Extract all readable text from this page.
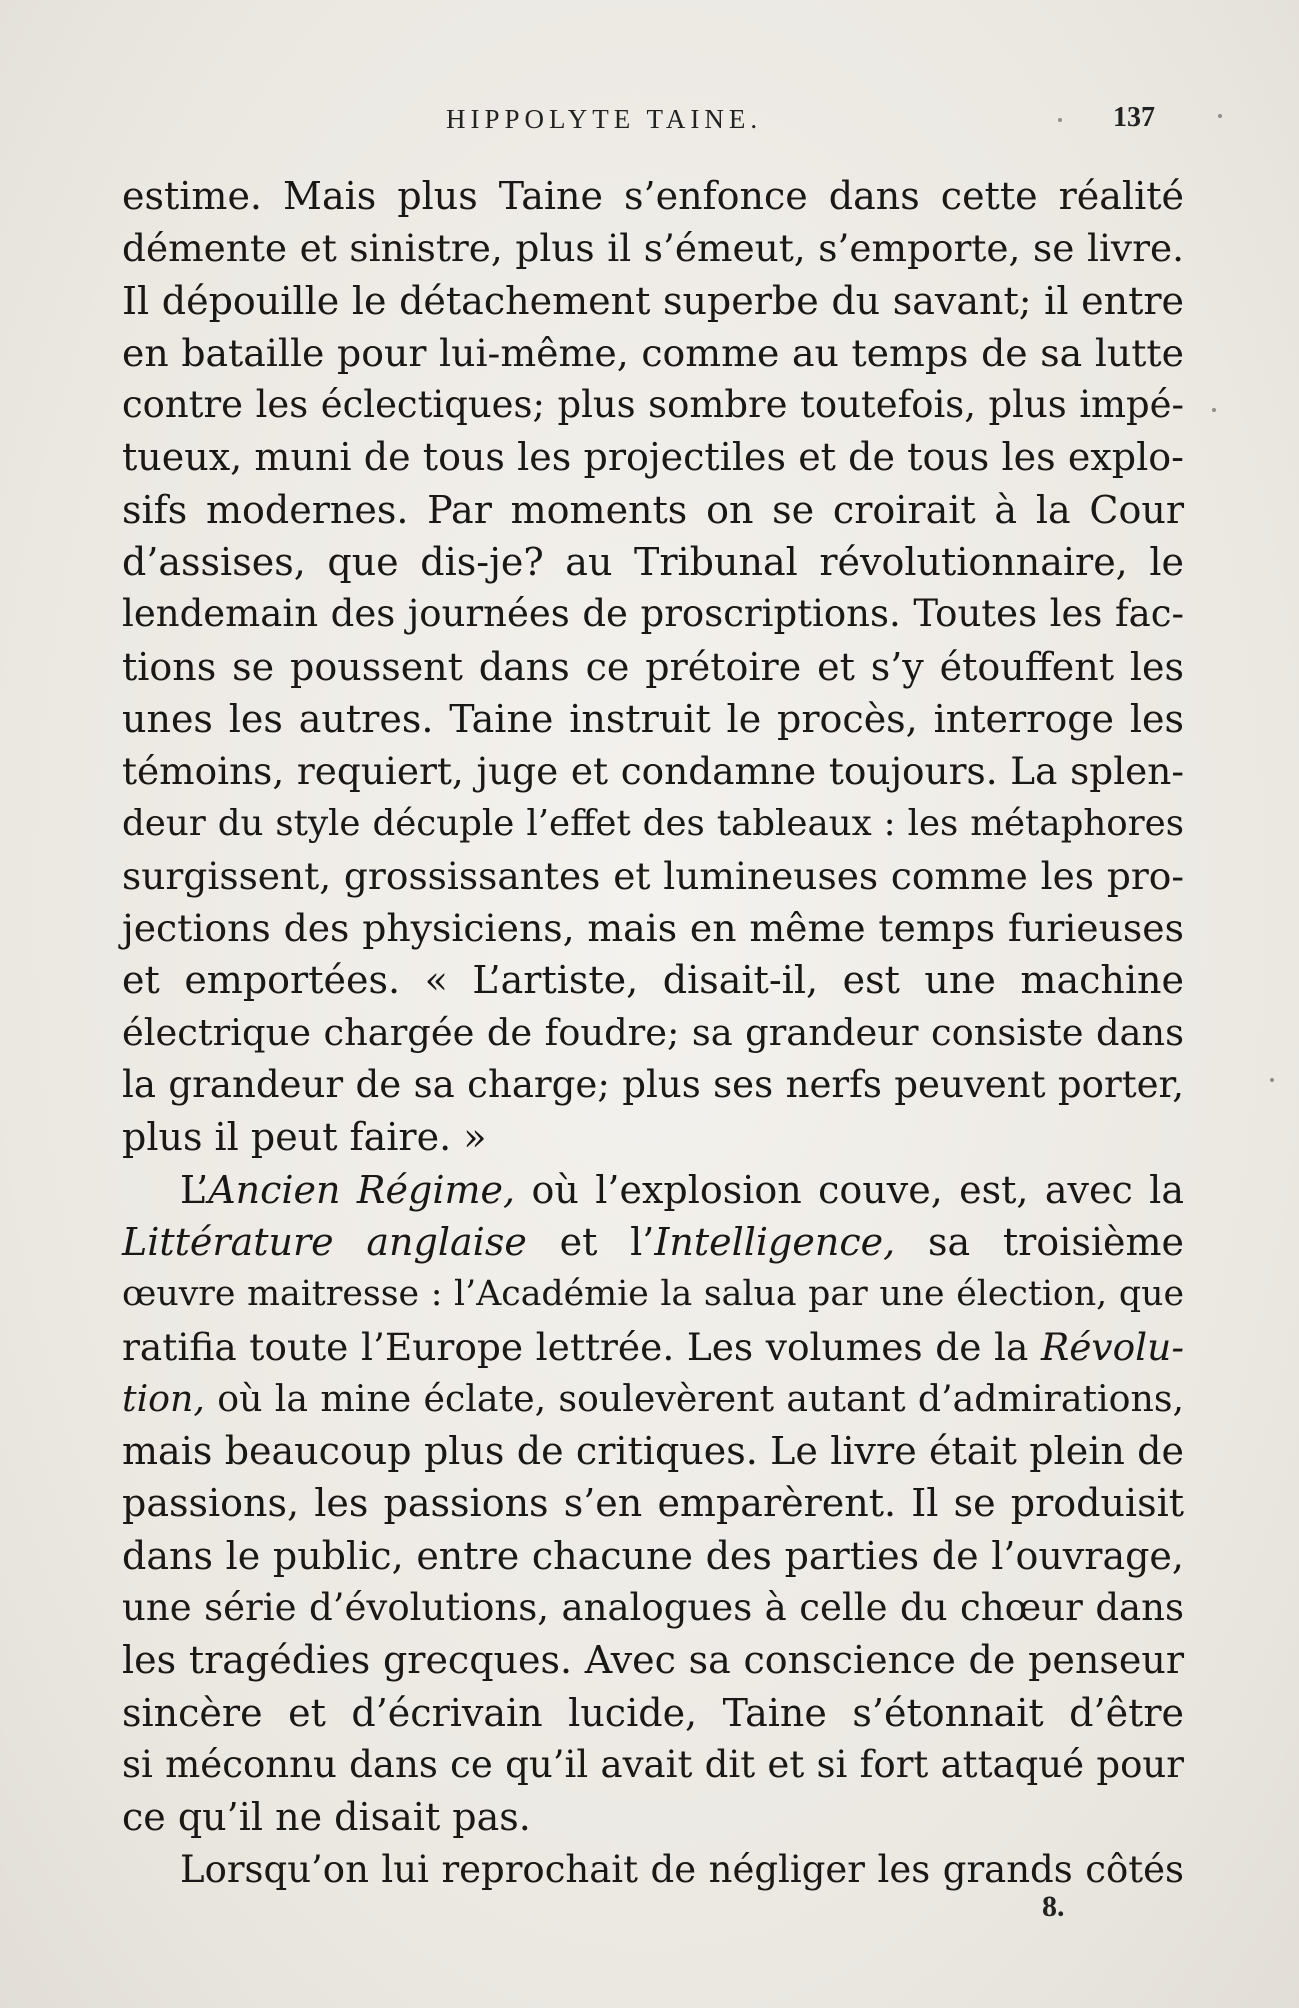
HIPPOLYTE TAINE.	137
estime. Mais plus Taine s’enfonce dans cette réalité
démente et sinistre, plus il s’émeut, s’emporte, se livre.
Il dépouille le détachement superbe du savant; il entre
en bataille pour lui-même, comme au temps de sa lutte
contre les éclectiques; plus sombre toutefois, plus impé-
tueux, muni de tous les projectiles et de tous les explo-
sifs modernes. Par moments on se croirait à la Cour
d’assises, que dis-je? au Tribunal révolutionnaire, le
lendemain des journées de proscriptions. Toutes les fac-
tions se poussent dans ce prétoire et s’y étouffent les
unes les autres. Taine instruit le procès, interroge les
témoins, requiert, juge et condamne toujours. La splen-
deur du style décuple l’effet des tableaux : les métaphores
surgissent, grossissantes et lumineuses comme les pro-
jections des physiciens, mais en même temps furieuses
et emportées. « L’artiste, disait-il, est une machine
électrique chargée de foudre; sa grandeur consiste dans
la grandeur de sa charge; plus ses nerfs peuvent porter,
plus il peut faire. »
L’Ancien Régime, où l’explosion couve, est, avec la
Littérature anglaise et l’Intelligence, sa troisième
œuvre maitresse : l’Académie la salua par une élection, que
ratifia toute l’Europe lettrée. Les volumes de la Révolu-
tion, où la mine éclate, soulevèrent autant d’admirations,
mais beaucoup plus de critiques. Le livre était plein de
passions, les passions s’en emparèrent. Il se produisit
dans le public, entre chacune des parties de l’ouvrage,
une série d’évolutions, analogues à celle du chœur dans
les tragédies grecques. Avec sa conscience de penseur
sincère et d’écrivain lucide, Taine s’étonnait d’être
si méconnu dans ce qu’il avait dit et si fort attaqué pour
ce qu’il ne disait pas.
Lorsqu’on lui reprochait de négliger les grands côtés
8.
